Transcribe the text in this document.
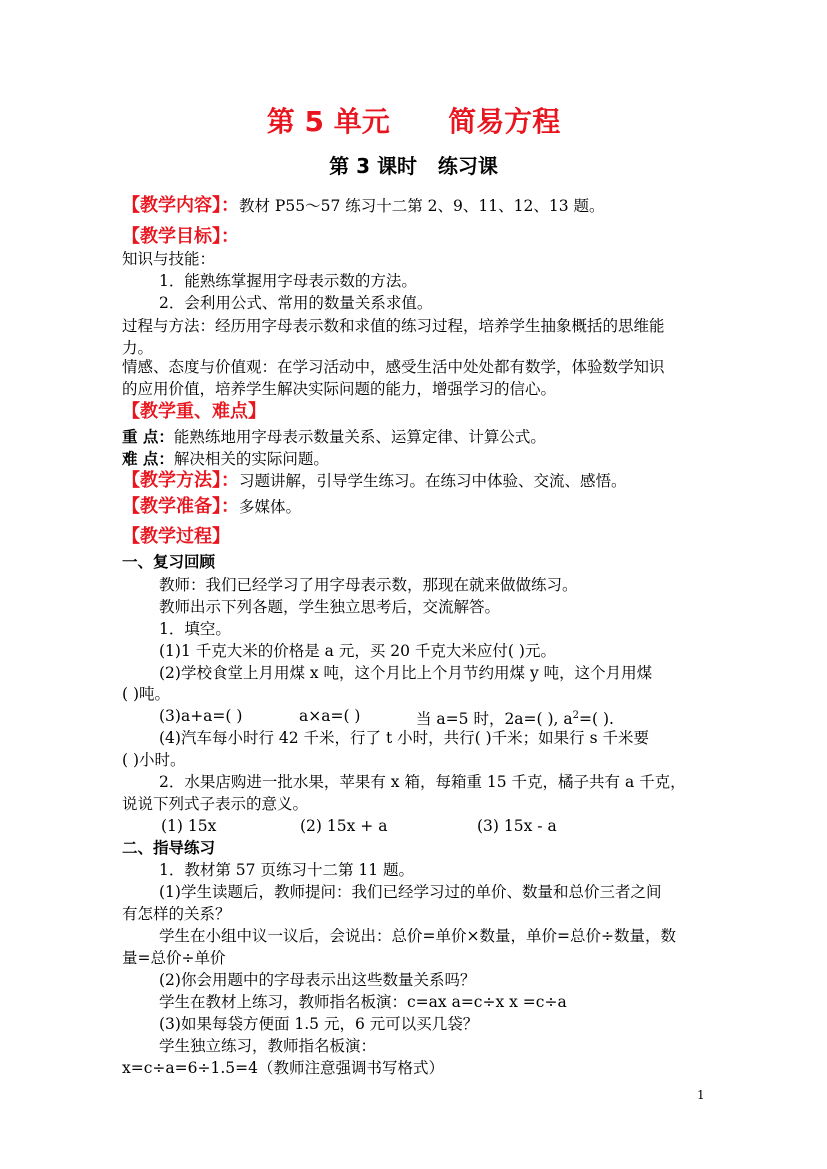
第 5 单元 简易方程
第 3 课时   练习课
【教学内容】：教材 P55～57 练习十二第 2、9、11、12、13 题。
【教学目标】：
知识与技能：
1．能熟练掌握用字母表示数的方法。
2．会利用公式、常用的数量关系求值。
过程与方法：经历用字母表示数和求值的练习过程，培养学生抽象概括的思维能
力。
情感、态度与价值观：在学习活动中，感受生活中处处都有数学，体验数学知识
的应用价值，培养学生解决实际问题的能力，增强学习的信心。
【教学重、难点】
重 点：能熟练地用字母表示数量关系、运算定律、计算公式。
难 点：解决相关的实际问题。
【教学方法】：习题讲解，引导学生练习。在练习中体验、交流、感悟。
【教学准备】：多媒体。
【教学过程】
一、复习回顾
教师：我们已经学习了用字母表示数，那现在就来做做练习。
教师出示下列各题，学生独立思考后，交流解答。
1．填空。
(1)1 千克大米的价格是 a 元，买 20 千克大米应付( )元。
(2)学校食堂上月用煤 x 吨，这个月比上个月节约用煤 y 吨，这个月用煤
( )吨。
(3)a+a=( )	a×a=( )	当 a=5 时，2a=( ), $a^2=$( ).
(4)汽车每小时行 42 千米，行了 t 小时，共行( )千米；如果行 s 千米要
( )小时。
2．水果店购进一批水果，苹果有 x 箱，每箱重 15 千克，橘子共有 a 千克，
说说下列式子表示的意义。
(1) 15x	(2) 15x + a	(3) 15x - a
二、指导练习
1．教材第 57 页练习十二第 11 题。
(1)学生读题后，教师提问：我们已经学习过的单价、数量和总价三者之间
有怎样的关系？
学生在小组中议一议后，会说出：总价=单价×数量，单价=总价÷数量，数
量=总价÷单价
(2)你会用题中的字母表示出这些数量关系吗？
学生在教材上练习，教师指名板演：c=ax a=c÷x x =c÷a
(3)如果每袋方便面 1.5 元，6 元可以买几袋？
学生独立练习，教师指名板演：
x=c÷a=6÷1.5=4（教师注意强调书写格式）
1
